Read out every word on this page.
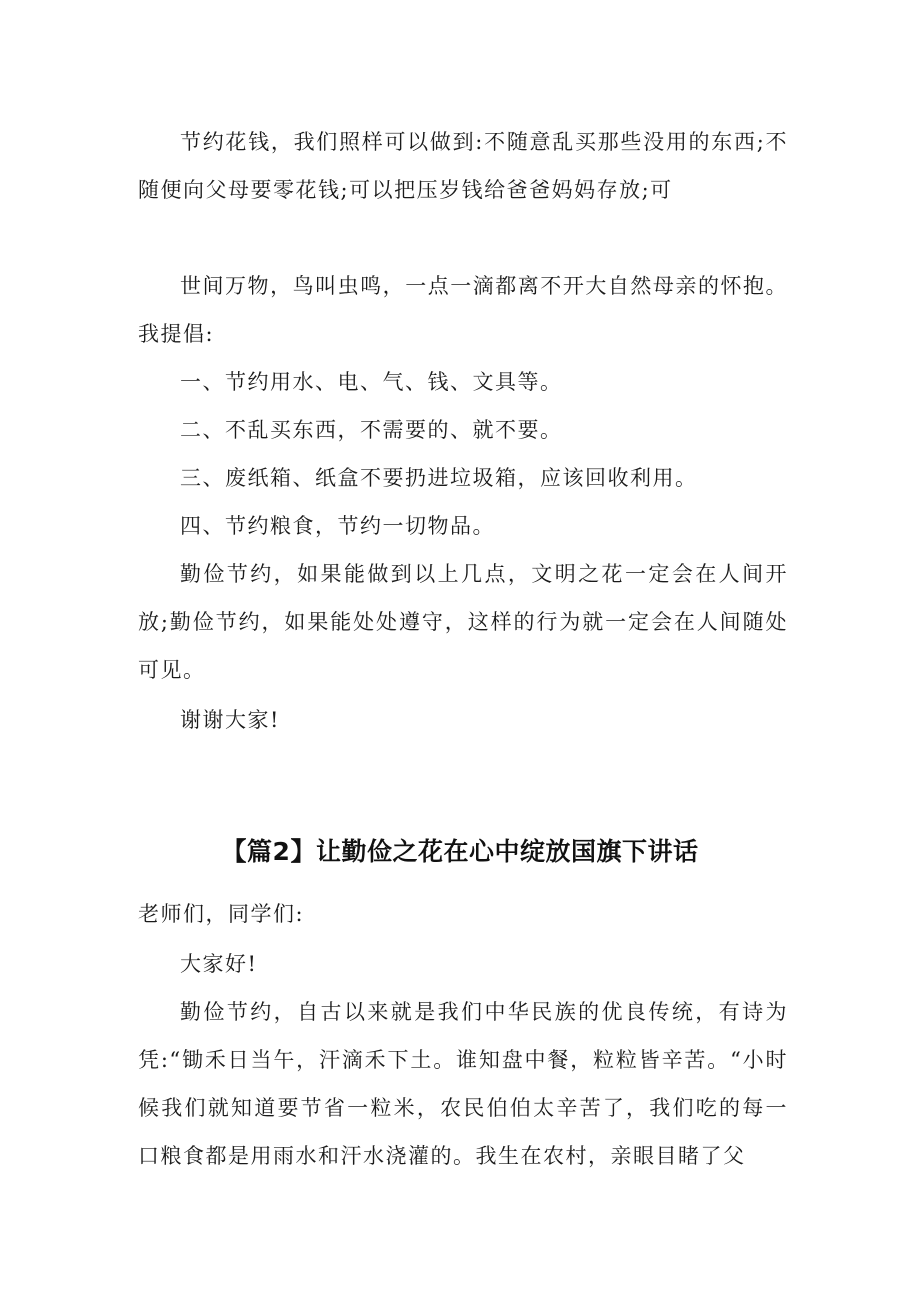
节约花钱，我们照样可以做到:不随意乱买那些没用的东西;不随便向父母要零花钱;可以把压岁钱给爸爸妈妈存放;可

世间万物，鸟叫虫鸣，一点一滴都离不开大自然母亲的怀抱。我提倡:

一、节约用水、电、气、钱、文具等。

二、不乱买东西，不需要的、就不要。

三、废纸箱、纸盒不要扔进垃圾箱，应该回收利用。

四、节约粮食，节约一切物品。

勤俭节约，如果能做到以上几点，文明之花一定会在人间开放;勤俭节约，如果能处处遵守，这样的行为就一定会在人间随处可见。

谢谢大家!

【篇2】让勤俭之花在心中绽放国旗下讲话

老师们，同学们:

大家好!

勤俭节约，自古以来就是我们中华民族的优良传统，有诗为凭:“锄禾日当午，汗滴禾下土。谁知盘中餐，粒粒皆辛苦。“小时候我们就知道要节省一粒米，农民伯伯太辛苦了，我们吃的每一口粮食都是用雨水和汗水浇灌的。我生在农村，亲眼目睹了父
